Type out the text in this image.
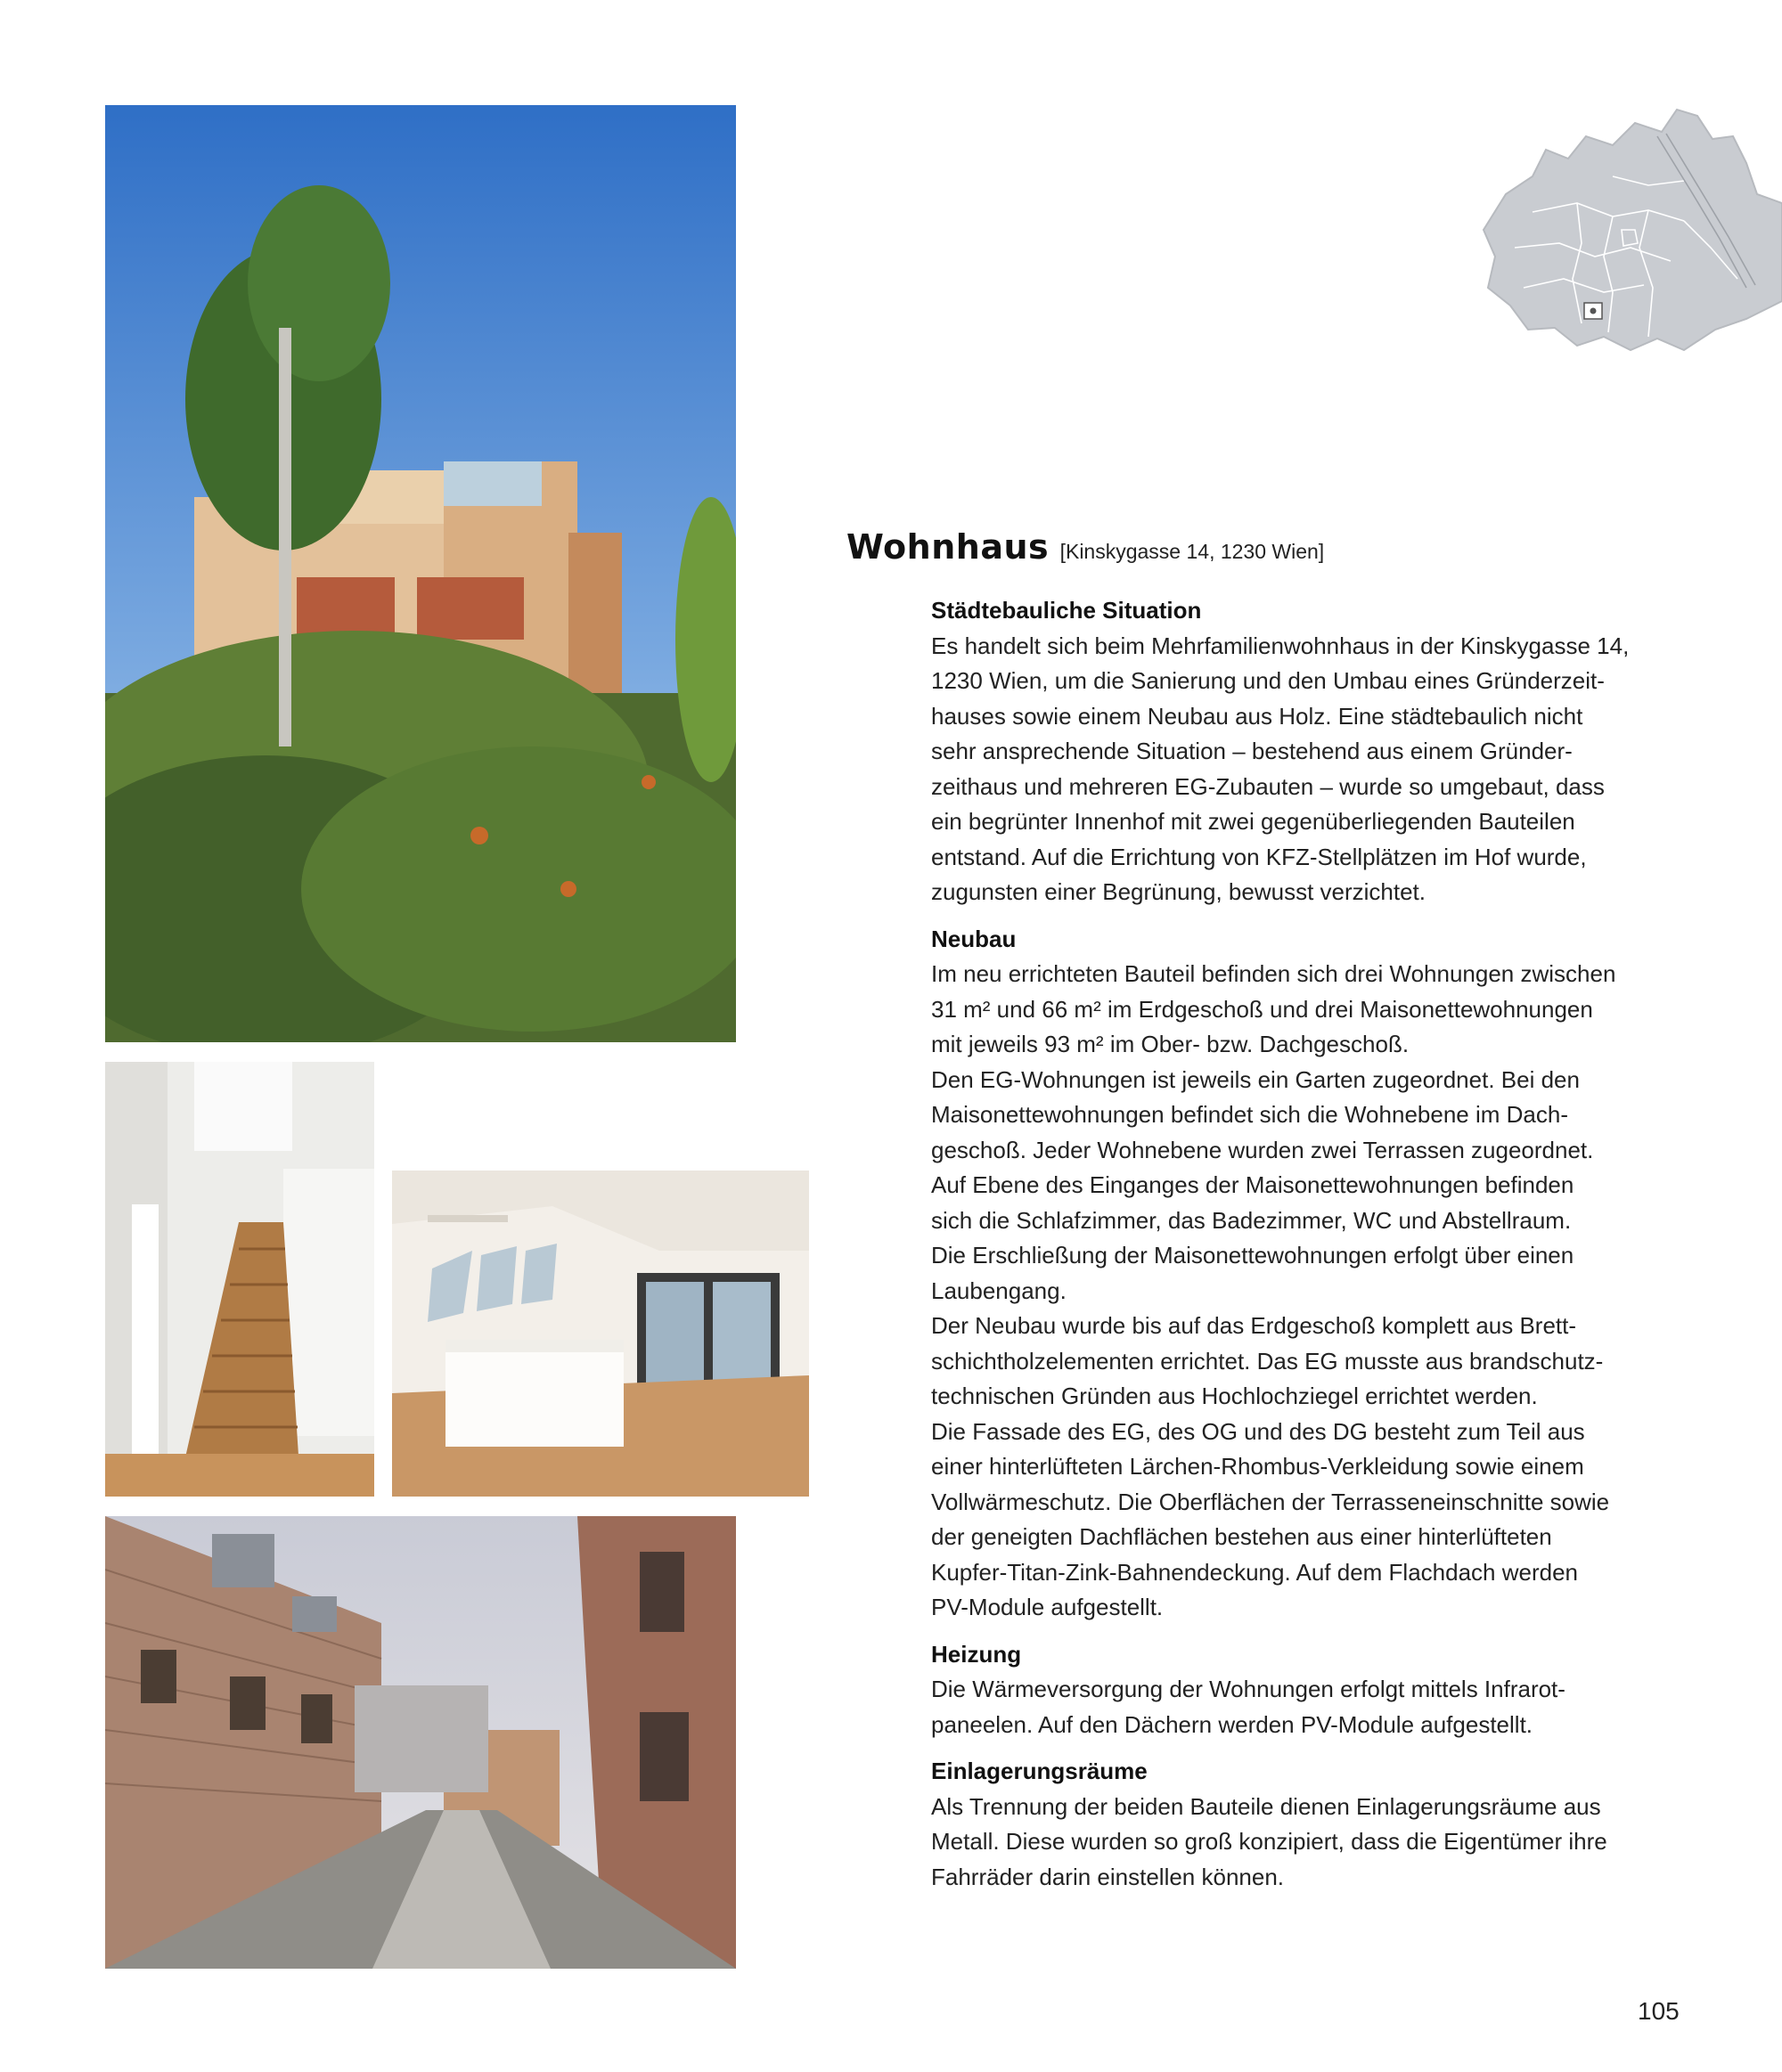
Wohnhaus [Kinskygasse 14, 1230 Wien]
Städtebauliche Situation

Es handelt sich beim Mehrfamilienwohnhaus in der Kinskygasse 14,
1230 Wien, um die Sanierung und den Umbau eines Gründerzeit-
hauses sowie einem Neubau aus Holz. Eine städtebaulich nicht
sehr ansprechende Situation – bestehend aus einem Gründer-
zeithaus und mehreren EG-Zubauten – wurde so umgebaut, dass
ein begrünter Innenhof mit zwei gegenüberliegenden Bauteilen
entstand. Auf die Errichtung von KFZ-Stellplätzen im Hof wurde,
zugunsten einer Begrünung, bewusst verzichtet.

Neubau

Im neu errichteten Bauteil befinden sich drei Wohnungen zwischen
31 m² und 66 m² im Erdgeschoß und drei Maisonettewohnungen
mit jeweils 93 m² im Ober- bzw. Dachgeschoß.
Den EG-Wohnungen ist jeweils ein Garten zugeordnet. Bei den
Maisonettewohnungen befindet sich die Wohnebene im Dach-
geschoß. Jeder Wohnebene wurden zwei Terrassen zugeordnet.
Auf Ebene des Einganges der Maisonettewohnungen befinden
sich die Schlafzimmer, das Badezimmer, WC und Abstellraum.
Die Erschließung der Maisonettewohnungen erfolgt über einen
Laubengang.
Der Neubau wurde bis auf das Erdgeschoß komplett aus Brett-
schichtholzelementen errichtet. Das EG musste aus brandschutz-
technischen Gründen aus Hochlochziegel errichtet werden.
Die Fassade des EG, des OG und des DG besteht zum Teil aus
einer hinterlüfteten Lärchen-Rhombus-Verkleidung sowie einem
Vollwärmeschutz. Die Oberflächen der Terrasseneinschnitte sowie
der geneigten Dachflächen bestehen aus einer hinterlüfteten
Kupfer-Titan-Zink-Bahnendeckung. Auf dem Flachdach werden
PV-Module aufgestellt.

Heizung

Die Wärmeversorgung der Wohnungen erfolgt mittels Infrarot-
paneelen. Auf den Dächern werden PV-Module aufgestellt.

Einlagerungsräume

Als Trennung der beiden Bauteile dienen Einlagerungsräume aus
Metall. Diese wurden so groß konzipiert, dass die Eigentümer ihre
Fahrräder darin einstellen können.

105
